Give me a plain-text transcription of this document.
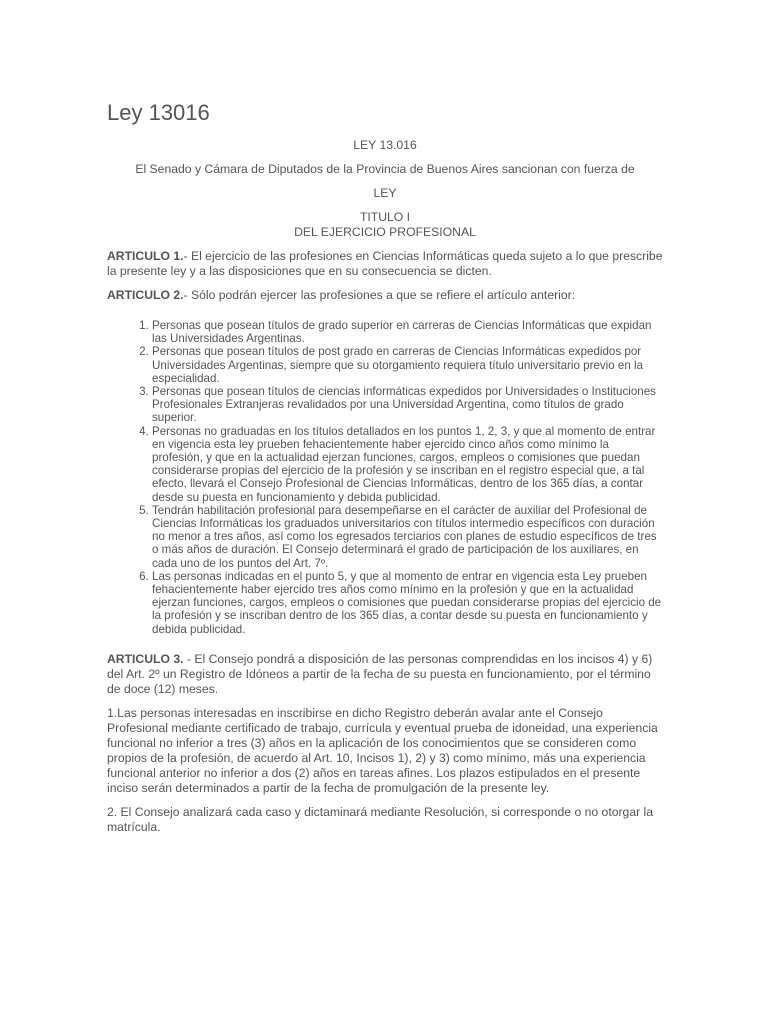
Ley 13016

LEY 13.016

El Senado y Cámara de Diputados de la Provincia de Buenos Aires sancionan con fuerza de

LEY

TITULO I
DEL EJERCICIO PROFESIONAL

ARTICULO 1.- El ejercicio de las profesiones en Ciencias Informáticas queda sujeto a lo que prescribe la presente ley y a las disposiciones que en su consecuencia se dicten.

ARTICULO 2.- Sólo podrán ejercer las profesiones a que se refiere el artículo anterior:

1. Personas que posean títulos de grado superior en carreras de Ciencias Informáticas que expidan las Universidades Argentinas.
2. Personas que posean títulos de post grado en carreras de Ciencias Informáticas expedidos por Universidades Argentinas, siempre que su otorgamiento requiera título universitario previo en la especialidad.
3. Personas que posean títulos de ciencias informáticas expedidos por Universidades o Instituciones Profesionales Extranjeras revalidados por una Universidad Argentina, como títulos de grado superior.
4. Personas no graduadas en los títulos detallados en los puntos 1, 2, 3, y que al momento de entrar en vigencia esta ley prueben fehacientemente haber ejercido cinco años como mínimo la profesión, y que en la actualidad ejerzan funciones, cargos, empleos o comisiones que puedan considerarse propias del ejercicio de la profesión y se inscriban en el registro especial que, a tal efecto, llevará el Consejo Profesional de Ciencias Informáticas, dentro de los 365 días, a contar desde su puesta en funcionamiento y debida publicidad.
5. Tendrán habilitación profesional para desempeñarse en el carácter de auxiliar del Profesional de Ciencias Informáticas los graduados universitarios con títulos intermedio específicos con duración no menor a tres años, así como los egresados terciarios con planes de estudio específicos de tres o más años de duración. El Consejo determinará el grado de participación de los auxiliares, en cada uno de los puntos del Art. 7º.
6. Las personas indicadas en el punto 5, y que al momento de entrar en vigencia esta Ley prueben fehacientemente haber ejercido tres años como mínimo en la profesión y que en la actualidad ejerzan funciones, cargos, empleos o comisiones que puedan considerarse propias del ejercicio de la profesión y se inscriban dentro de los 365 días, a contar desde su puesta en funcionamiento y debida publicidad.

ARTICULO 3. - El Consejo pondrá a disposición de las personas comprendidas en los incisos 4) y 6) del Art. 2º un Registro de Idóneos a partir de la fecha de su puesta en funcionamiento, por el término de doce (12) meses.

1.Las personas interesadas en inscribirse en dicho Registro deberán avalar ante el Consejo Profesional mediante certificado de trabajo, currícula y eventual prueba de idoneidad, una experiencia funcional no inferior a tres (3) años en la aplicación de los conocimientos que se consideren como propios de la profesión, de acuerdo al Art. 10, Incisos 1), 2) y 3) como mínimo, más una experiencia funcional anterior no inferior a dos (2) años en tareas afines. Los plazos estipulados en el presente inciso serán determinados a partir de la fecha de promulgación de la presente ley.

2. El Consejo analizará cada caso y dictaminará mediante Resolución, si corresponde o no otorgar la matrícula.
